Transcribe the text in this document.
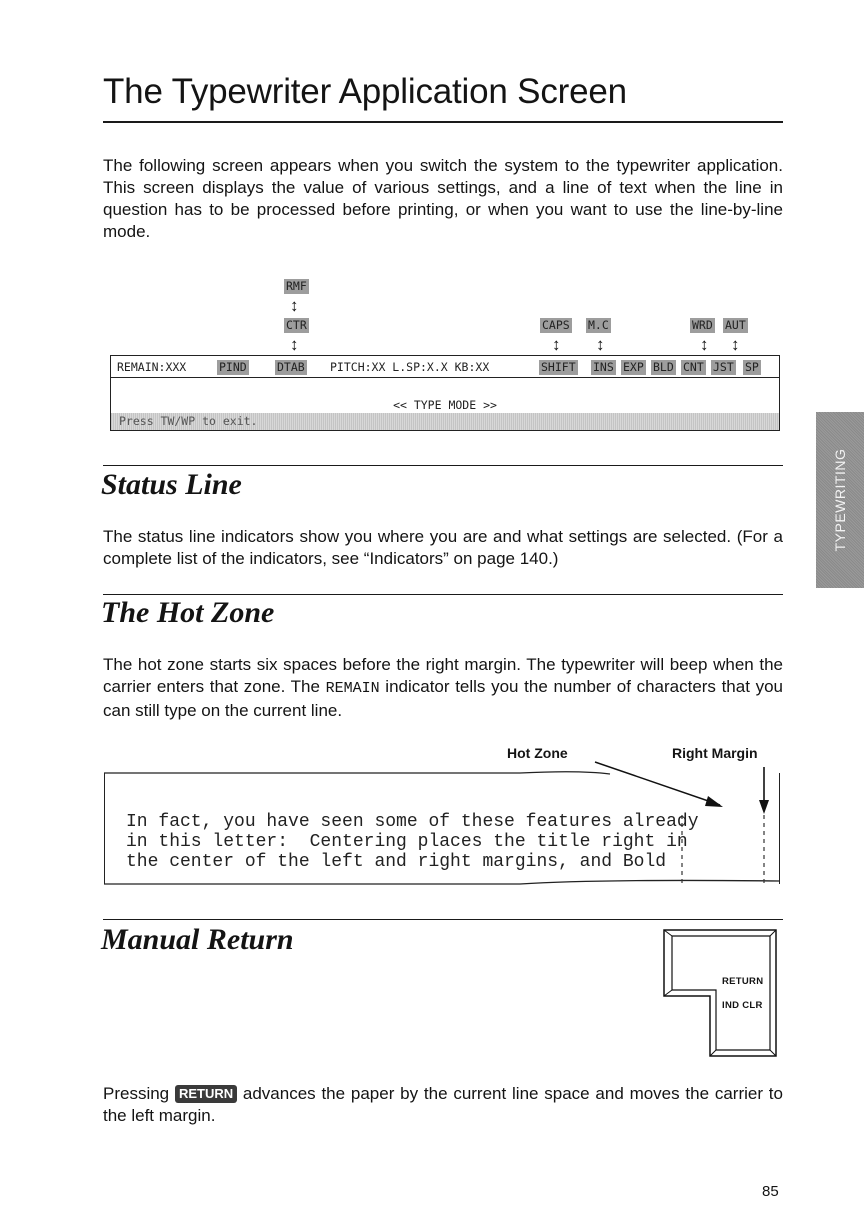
The Typewriter Application Screen

The following screen appears when you switch the system to the typewriter application. This screen displays the value of various settings, and a line of text when the line in question has to be processed before printing, or when you want to use the line-by-line mode.

RMF
↕
CTR
↕
CAPS M.C
↕ ↕
WRD AUT
↕ ↕
REMAIN:XXX	PIND	DTAB PITCH:XX L.SP:X.X KB:XX	SHIFT INS EXP BLD CNT JST SP
<< TYPE MODE >>
Press TW/WP to exit.
TYPEWRITING
Status Line

The status line indicators show you where you are and what settings are selected. (For a complete list of the indicators, see “Indicators” on page 140.)

The Hot Zone

The hot zone starts six spaces before the right margin. The typewriter will beep when the carrier enters that zone. The REMAIN indicator tells you the number of characters that you can still type on the current line.

Hot Zone	Right Margin
In fact, you have seen some of these features already
in this letter:  Centering places the title right in
the center of the left and right margins, and Bold
Manual Return
RETURN
IND CLR

Pressing RETURN advances the paper by the current line space and moves the carrier to the left margin.

85
